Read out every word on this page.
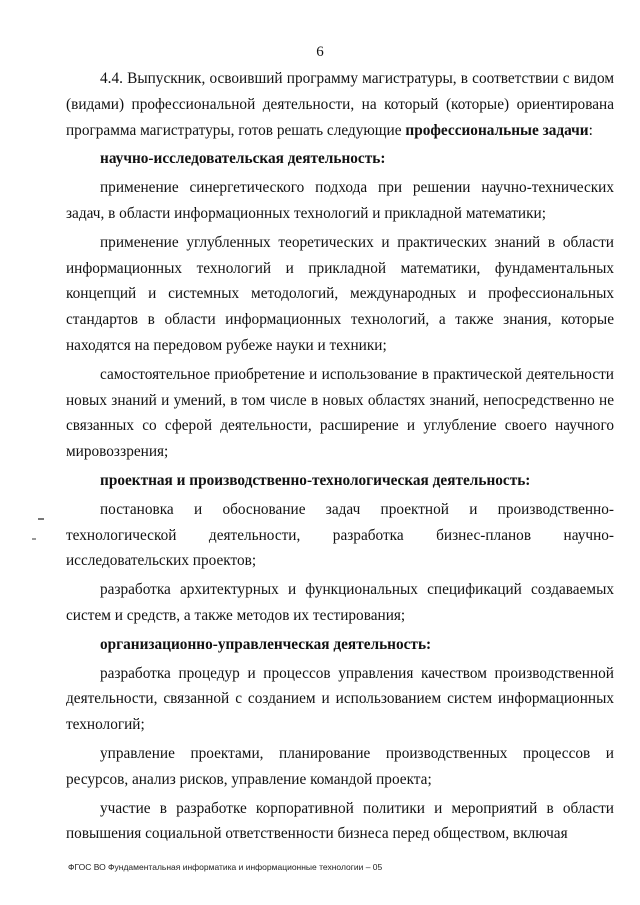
6

4.4. Выпускник, освоивший программу магистратуры, в соответствии с видом (видами) профессиональной деятельности, на который (которые) ориентирована программа магистратуры, готов решать следующие профессиональные задачи:

научно-исследовательская деятельность:

применение синергетического подхода при решении научно-технических задач, в области информационных технологий и прикладной математики;

применение углубленных теоретических и практических знаний в области информационных технологий и прикладной математики, фундаментальных концепций и системных методологий, международных и профессиональных стандартов в области информационных технологий, а также знания, которые находятся на передовом рубеже науки и техники;

самостоятельное приобретение и использование в практической деятельности новых знаний и умений, в том числе в новых областях знаний, непосредственно не связанных со сферой деятельности, расширение и углубление своего научного мировоззрения;

проектная и производственно-технологическая деятельность:

постановка и обоснование задач проектной и производственно-технологической деятельности, разработка бизнес-планов научно-исследовательских проектов;

разработка архитектурных и функциональных спецификаций создаваемых систем и средств, а также методов их тестирования;

организационно-управленческая деятельность:

разработка процедур и процессов управления качеством производственной деятельности, связанной с созданием и использованием систем информационных технологий;

управление проектами, планирование производственных процессов и ресурсов, анализ рисков, управление командой проекта;

участие в разработке корпоративной политики и мероприятий в области повышения социальной ответственности бизнеса перед обществом, включая

ФГОС ВО Фундаментальная информатика и информационные технологии – 05
